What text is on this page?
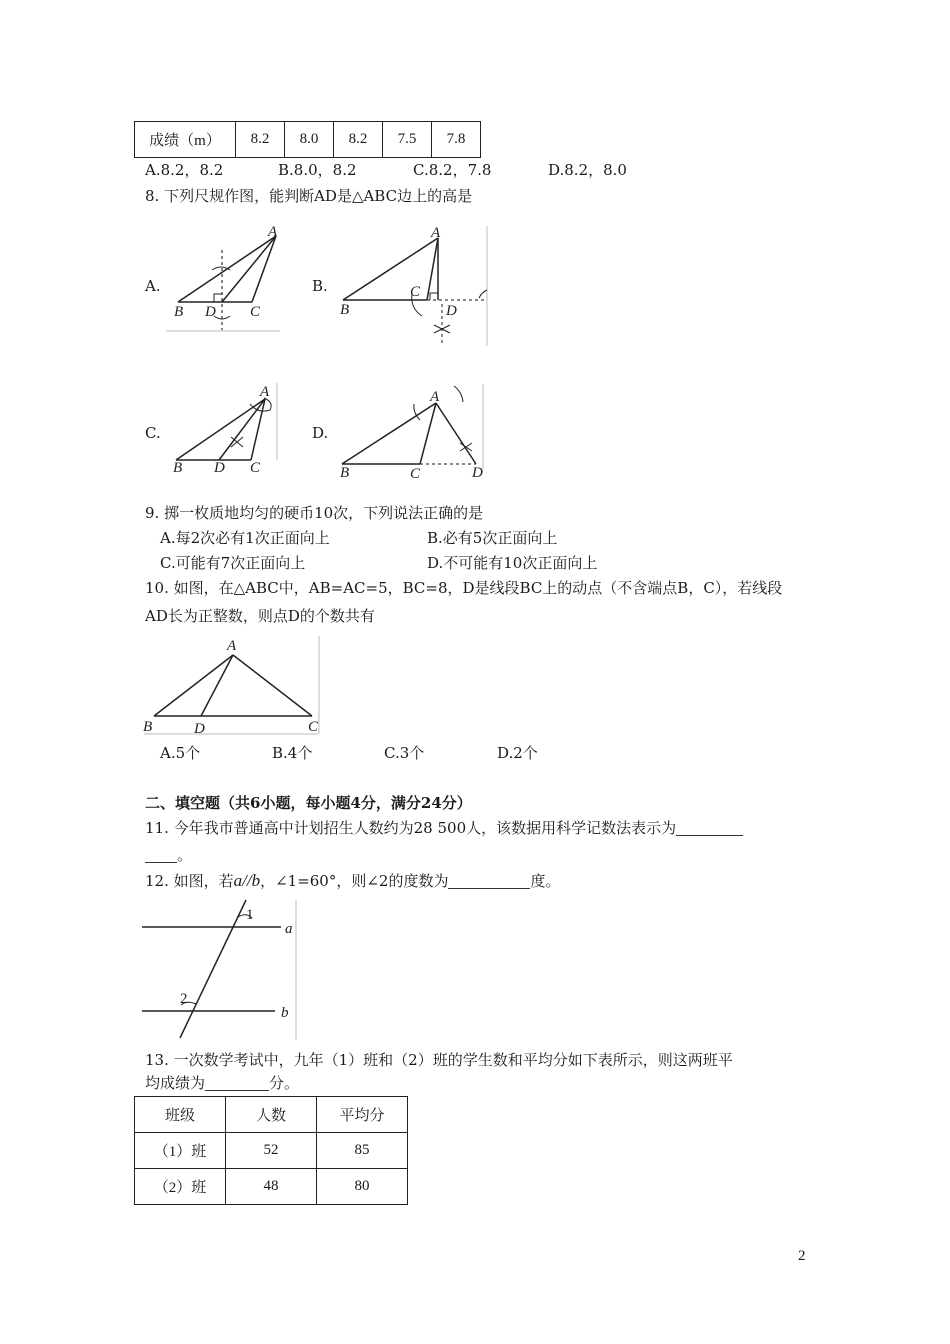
成绩（m）	8.2	8.0	8.2	7.5	7.8
A.8.2，8.2	B.8.0，8.2	C.8.2，7.8	D.8.2，8.0
8. 下列尺规作图，能判断AD是△ABC边上的高是
A.
B D C
A
B.
B
C
D
A
C.
B D C
A
D.
B	C	D
A
9. 掷一枚质地均匀的硬币10次，下列说法正确的是
A.每2次必有1次正面向上	B.必有5次正面向上
C.可能有7次正面向上	D.不可能有10次正面向上
10. 如图，在△ABC中，AB=AC=5，BC=8，D是线段BC上的动点（不含端点B，C），若线段
AD长为正整数，则点D的个数共有
A
B	D	C
A.5个	B.4个	C.3个	D.2个
二、填空题（共6小题，每小题4分，满分24分）
11. 今年我市普通高中计划招生人数约为28 500人，该数据用科学记数法表示为
。
12. 如图，若a//b，∠1=60°，则∠2的度数为	度。
1
2
a
b
13. 一次数学考试中，九年（1）班和（2）班的学生数和平均分如下表所示，则这两班平
均成绩为	分。
班级	人数	平均分
（1）班	52	85
（2）班	48	80
2
